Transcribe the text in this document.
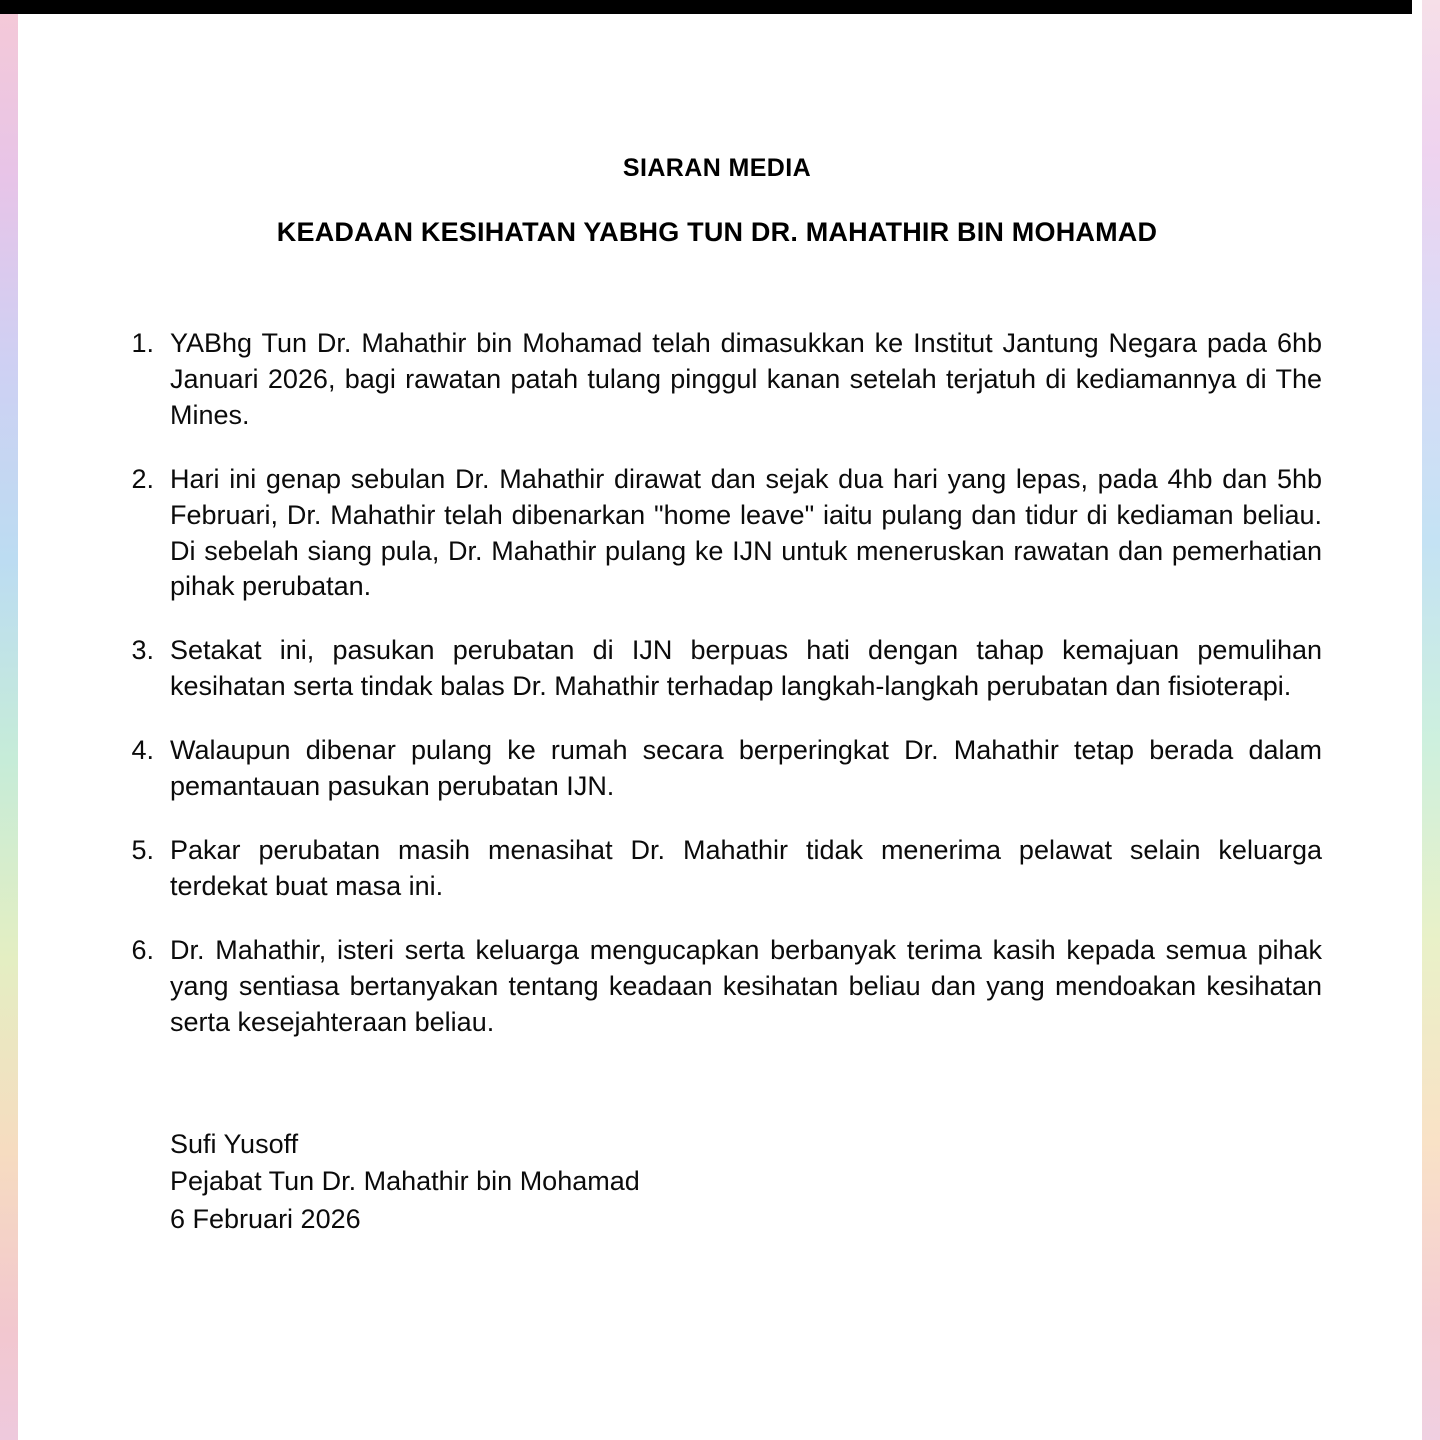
SIARAN MEDIA
KEADAAN KESIHATAN YABHG TUN DR. MAHATHIR BIN MOHAMAD
1. YABhg Tun Dr. Mahathir bin Mohamad telah dimasukkan ke Institut Jantung Negara pada 6hb Januari 2026, bagi rawatan patah tulang pinggul kanan setelah terjatuh di kediamannya di The Mines.
2. Hari ini genap sebulan Dr. Mahathir dirawat dan sejak dua hari yang lepas, pada 4hb dan 5hb Februari, Dr. Mahathir telah dibenarkan "home leave" iaitu pulang dan tidur di kediaman beliau. Di sebelah siang pula, Dr. Mahathir pulang ke IJN untuk meneruskan rawatan dan pemerhatian pihak perubatan.
3. Setakat ini, pasukan perubatan di IJN berpuas hati dengan tahap kemajuan pemulihan kesihatan serta tindak balas Dr. Mahathir terhadap langkah-langkah perubatan dan fisioterapi.
4. Walaupun dibenar pulang ke rumah secara berperingkat Dr. Mahathir tetap berada dalam pemantauan pasukan perubatan IJN.
5. Pakar perubatan masih menasihat Dr. Mahathir tidak menerima pelawat selain keluarga terdekat buat masa ini.
6. Dr. Mahathir, isteri serta keluarga mengucapkan berbanyak terima kasih kepada semua pihak yang sentiasa bertanyakan tentang keadaan kesihatan beliau dan yang mendoakan kesihatan serta kesejahteraan beliau.
Sufi Yusoff
Pejabat Tun Dr. Mahathir bin Mohamad
6 Februari 2026
